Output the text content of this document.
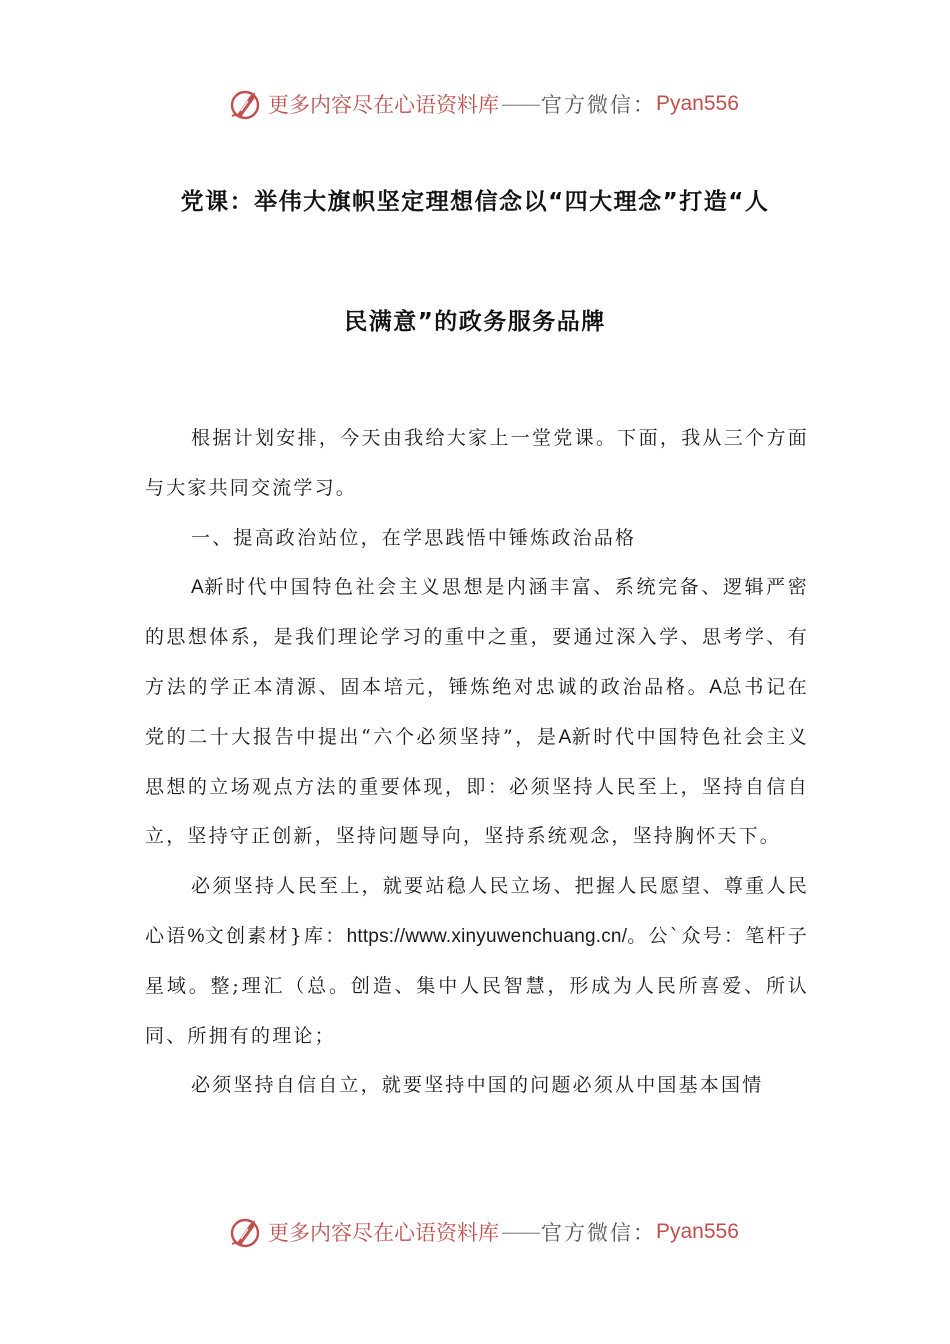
更多内容尽在心语资料库 —— 官方微信： Pyan556
党课：举伟大旗帜坚定理想信念以“四大理念”打造“人
民满意”的政务服务品牌

根据计划安排，今天由我给大家上一堂党课。下面，我从三个方面与大家共同交流学习。

一、提高政治站位，在学思践悟中锤炼政治品格

A新时代中国特色社会主义思想是内涵丰富、系统完备、逻辑严密的思想体系，是我们理论学习的重中之重，要通过深入学、思考学、有方法的学正本清源、固本培元，锤炼绝对忠诚的政治品格。A总书记在党的二十大报告中提出“六个必须坚持”，是A新时代中国特色社会主义思想的立场观点方法的重要体现，即：必须坚持人民至上，坚持自信自立，坚持守正创新，坚持问题导向，坚持系统观念，坚持胸怀天下。

必须坚持人民至上，就要站稳人民立场、把握人民愿望、尊重人民心语%文创素材}库：https://www.xinyuwenchuang.cn/。公`众号：笔杆子星域。整;理汇（总。创造、集中人民智慧，形成为人民所喜爱、所认同、所拥有的理论；

必须坚持自信自立，就要坚持中国的问题必须从中国基本国情

更多内容尽在心语资料库 —— 官方微信： Pyan556
